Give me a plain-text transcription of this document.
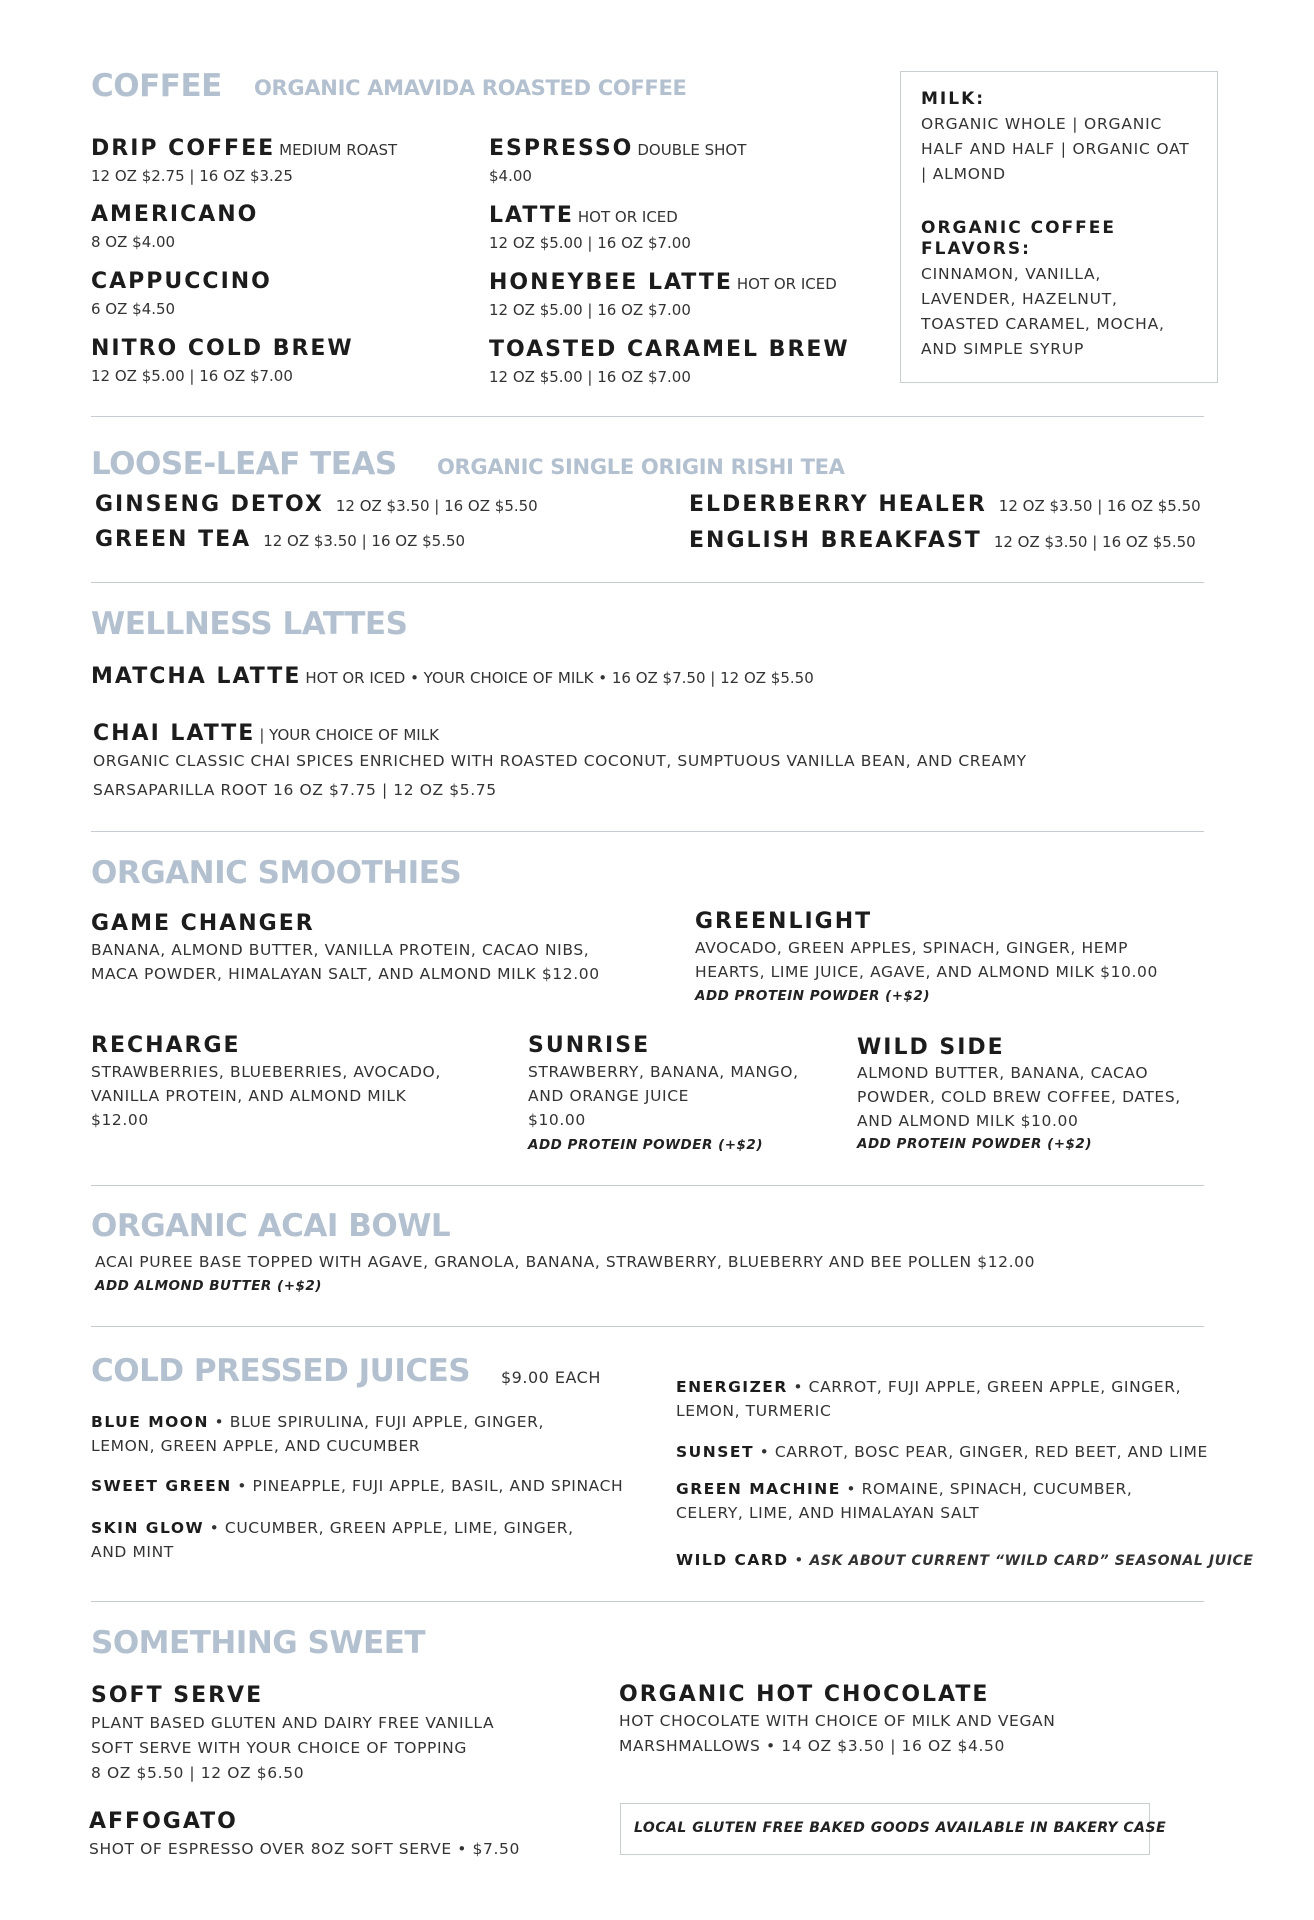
COFFEE ORGANIC AMAVIDA ROASTED COFFEE
DRIP COFFEE MEDIUM ROAST
12 OZ $2.75 | 16 OZ $3.25
AMERICANO
8 OZ $4.00
CAPPUCCINO
6 OZ $4.50
NITRO COLD BREW
12 OZ $5.00 | 16 OZ $7.00
ESPRESSO DOUBLE SHOT
$4.00
LATTE HOT OR ICED
12 OZ $5.00 | 16 OZ $7.00
HONEYBEE LATTE HOT OR ICED
12 OZ $5.00 | 16 OZ $7.00
TOASTED CARAMEL BREW
12 OZ $5.00 | 16 OZ $7.00
MILK:
ORGANIC WHOLE | ORGANIC
HALF AND HALF | ORGANIC OAT
| ALMOND
ORGANIC COFFEE
FLAVORS:
CINNAMON, VANILLA,
LAVENDER, HAZELNUT,
TOASTED CARAMEL, MOCHA,
AND SIMPLE SYRUP
LOOSE-LEAF TEAS ORGANIC SINGLE ORIGIN RISHI TEA
GINSENG DETOX 12 OZ $3.50 | 16 OZ $5.50
GREEN TEA 12 OZ $3.50 | 16 OZ $5.50
ELDERBERRY HEALER 12 OZ $3.50 | 16 OZ $5.50
ENGLISH BREAKFAST 12 OZ $3.50 | 16 OZ $5.50
WELLNESS LATTES
MATCHA LATTE HOT OR ICED • YOUR CHOICE OF MILK • 16 OZ $7.50 | 12 OZ $5.50
CHAI LATTE | YOUR CHOICE OF MILK
ORGANIC CLASSIC CHAI SPICES ENRICHED WITH ROASTED COCONUT, SUMPTUOUS VANILLA BEAN, AND CREAMY
SARSAPARILLA ROOT 16 OZ $7.75 | 12 OZ $5.75
ORGANIC SMOOTHIES
GAME CHANGER
BANANA, ALMOND BUTTER, VANILLA PROTEIN, CACAO NIBS,
MACA POWDER, HIMALAYAN SALT, AND ALMOND MILK $12.00
GREENLIGHT
AVOCADO, GREEN APPLES, SPINACH, GINGER, HEMP
HEARTS, LIME JUICE, AGAVE, AND ALMOND MILK $10.00
ADD PROTEIN POWDER (+$2)
RECHARGE
STRAWBERRIES, BLUEBERRIES, AVOCADO,
VANILLA PROTEIN, AND ALMOND MILK
$12.00
SUNRISE
STRAWBERRY, BANANA, MANGO,
AND ORANGE JUICE
$10.00
ADD PROTEIN POWDER (+$2)
WILD SIDE
ALMOND BUTTER, BANANA, CACAO
POWDER, COLD BREW COFFEE, DATES,
AND ALMOND MILK $10.00
ADD PROTEIN POWDER (+$2)
ORGANIC ACAI BOWL
ACAI PUREE BASE TOPPED WITH AGAVE, GRANOLA, BANANA, STRAWBERRY, BLUEBERRY AND BEE POLLEN $12.00
ADD ALMOND BUTTER (+$2)
COLD PRESSED JUICES $9.00 EACH
BLUE MOON • BLUE SPIRULINA, FUJI APPLE, GINGER,
LEMON, GREEN APPLE, AND CUCUMBER
SWEET GREEN • PINEAPPLE, FUJI APPLE, BASIL, AND SPINACH
SKIN GLOW • CUCUMBER, GREEN APPLE, LIME, GINGER,
AND MINT
ENERGIZER • CARROT, FUJI APPLE, GREEN APPLE, GINGER,
LEMON, TURMERIC
SUNSET • CARROT, BOSC PEAR, GINGER, RED BEET, AND LIME
GREEN MACHINE • ROMAINE, SPINACH, CUCUMBER,
CELERY, LIME, AND HIMALAYAN SALT
WILD CARD • ASK ABOUT CURRENT “WILD CARD” SEASONAL JUICE
SOMETHING SWEET
SOFT SERVE
PLANT BASED GLUTEN AND DAIRY FREE VANILLA
SOFT SERVE WITH YOUR CHOICE OF TOPPING
8 OZ $5.50 | 12 OZ $6.50
AFFOGATO
SHOT OF ESPRESSO OVER 8OZ SOFT SERVE • $7.50
ORGANIC HOT CHOCOLATE
HOT CHOCOLATE WITH CHOICE OF MILK AND VEGAN
MARSHMALLOWS • 14 OZ $3.50 | 16 OZ $4.50
LOCAL GLUTEN FREE BAKED GOODS AVAILABLE IN BAKERY CASE
